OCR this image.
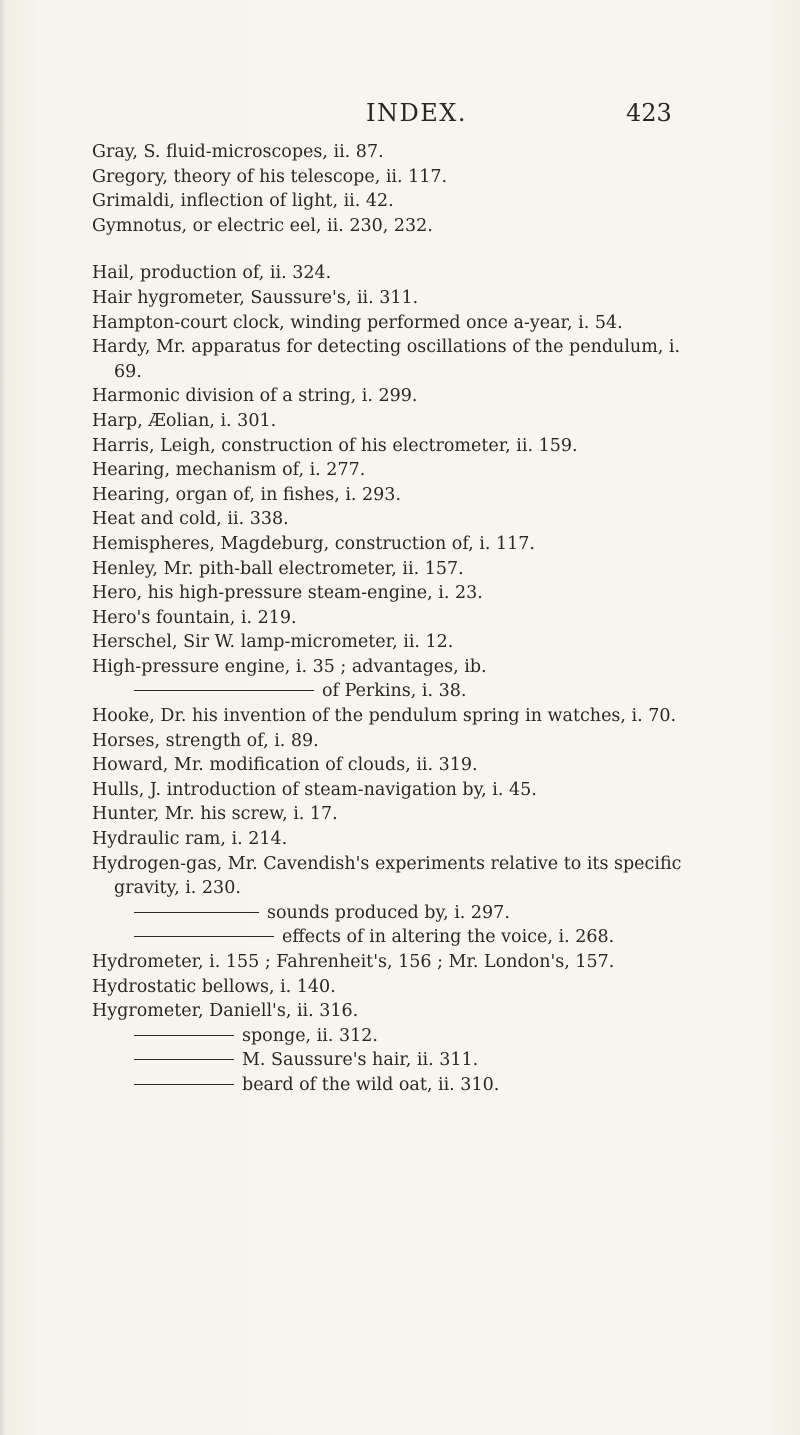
INDEX.	423
Gray, S. fluid-microscopes, ii. 87.
Gregory, theory of his telescope, ii. 117.
Grimaldi, inflection of light, ii. 42.
Gymnotus, or electric eel, ii. 230, 232.
Hail, production of, ii. 324.
Hair hygrometer, Saussure's, ii. 311.
Hampton-court clock, winding performed once a-year, i. 54.
Hardy, Mr. apparatus for detecting oscillations of the pendulum, i. 69.
Harmonic division of a string, i. 299.
Harp, Æolian, i. 301.
Harris, Leigh, construction of his electrometer, ii. 159.
Hearing, mechanism of, i. 277.
Hearing, organ of, in fishes, i. 293.
Heat and cold, ii. 338.
Hemispheres, Magdeburg, construction of, i. 117.
Henley, Mr. pith-ball electrometer, ii. 157.
Hero, his high-pressure steam-engine, i. 23.
Hero's fountain, i. 219.
Herschel, Sir W. lamp-micrometer, ii. 12.
High-pressure engine, i. 35 ; advantages, ib.
of Perkins, i. 38.
Hooke, Dr. his invention of the pendulum spring in watches, i. 70.
Horses, strength of, i. 89.
Howard, Mr. modification of clouds, ii. 319.
Hulls, J. introduction of steam-navigation by, i. 45.
Hunter, Mr. his screw, i. 17.
Hydraulic ram, i. 214.
Hydrogen-gas, Mr. Cavendish's experiments relative to its specific gravity, i. 230.
sounds produced by, i. 297.
effects of in altering the voice, i. 268.
Hydrometer, i. 155 ; Fahrenheit's, 156 ; Mr. London's, 157.
Hydrostatic bellows, i. 140.
Hygrometer, Daniell's, ii. 316.
sponge, ii. 312.
M. Saussure's hair, ii. 311.
beard of the wild oat, ii. 310.
